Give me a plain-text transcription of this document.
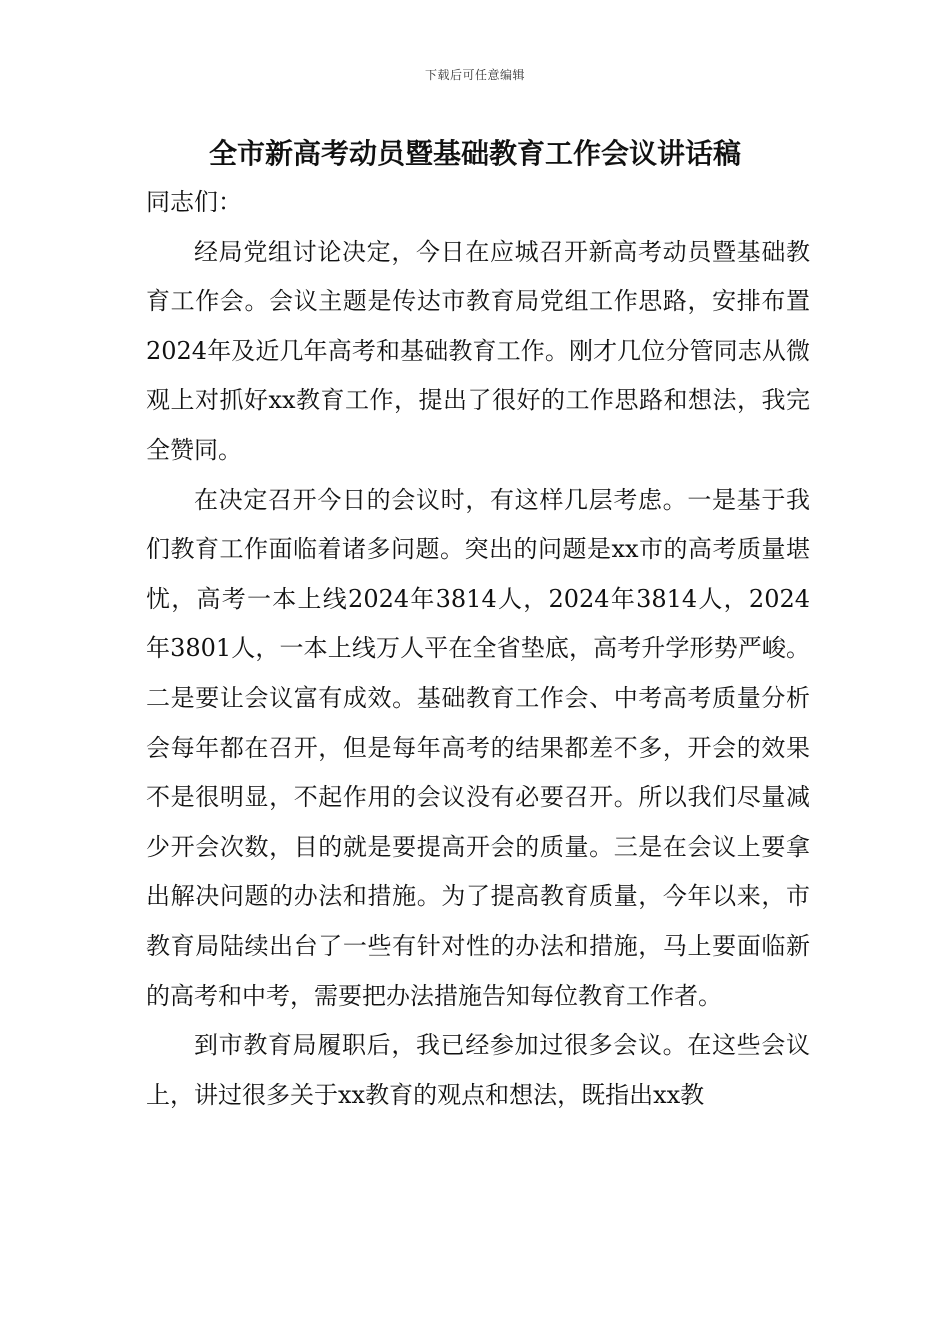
下载后可任意编辑
全市新高考动员暨基础教育工作会议讲话稿

同志们：

经局党组讨论决定，今日在应城召开新高考动员暨基础教育工作会。会议主题是传达市教育局党组工作思路，安排布置2024年及近几年高考和基础教育工作。刚才几位分管同志从微观上对抓好xx教育工作，提出了很好的工作思路和想法，我完全赞同。

在决定召开今日的会议时，有这样几层考虑。一是基于我们教育工作面临着诸多问题。突出的问题是xx市的高考质量堪忧，高考一本上线2024年3814人，2024年3814人，2024年3801人，一本上线万人平在全省垫底，高考升学形势严峻。二是要让会议富有成效。基础教育工作会、中考高考质量分析会每年都在召开，但是每年高考的结果都差不多，开会的效果不是很明显，不起作用的会议没有必要召开。所以我们尽量减少开会次数，目的就是要提高开会的质量。三是在会议上要拿出解决问题的办法和措施。为了提高教育质量，今年以来，市教育局陆续出台了一些有针对性的办法和措施，马上要面临新的高考和中考，需要把办法措施告知每位教育工作者。

到市教育局履职后，我已经参加过很多会议。在这些会议上，讲过很多关于xx教育的观点和想法，既指出xx教
